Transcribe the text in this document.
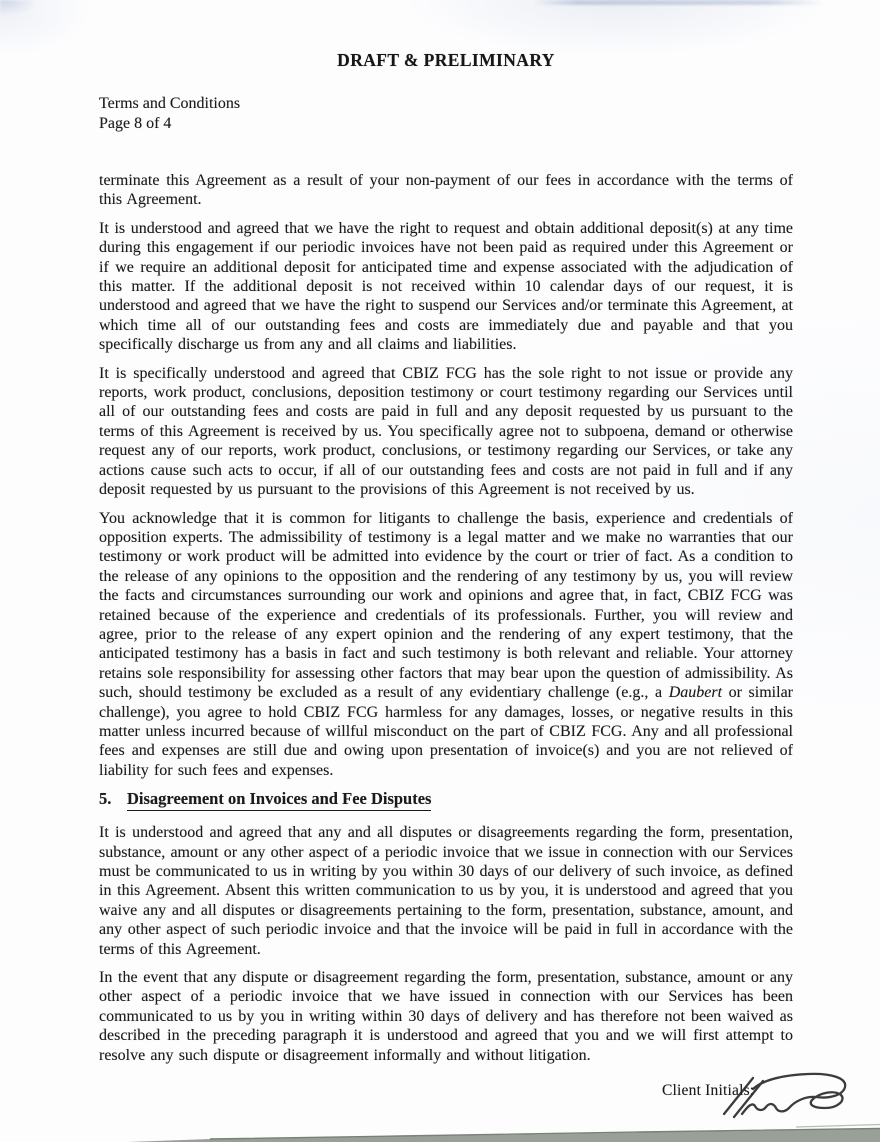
DRAFT & PRELIMINARY
Terms and Conditions
Page 8 of 4

terminate this Agreement as a result of your non-payment of our fees in accordance with the terms of this Agreement.

It is understood and agreed that we have the right to request and obtain additional deposit(s) at any time during this engagement if our periodic invoices have not been paid as required under this Agreement or if we require an additional deposit for anticipated time and expense associated with the adjudication of this matter. If the additional deposit is not received within 10 calendar days of our request, it is understood and agreed that we have the right to suspend our Services and/or terminate this Agreement, at which time all of our outstanding fees and costs are immediately due and payable and that you specifically discharge us from any and all claims and liabilities.

It is specifically understood and agreed that CBIZ FCG has the sole right to not issue or provide any reports, work product, conclusions, deposition testimony or court testimony regarding our Services until all of our outstanding fees and costs are paid in full and any deposit requested by us pursuant to the terms of this Agreement is received by us. You specifically agree not to subpoena, demand or otherwise request any of our reports, work product, conclusions, or testimony regarding our Services, or take any actions cause such acts to occur, if all of our outstanding fees and costs are not paid in full and if any deposit requested by us pursuant to the provisions of this Agreement is not received by us.

You acknowledge that it is common for litigants to challenge the basis, experience and credentials of opposition experts. The admissibility of testimony is a legal matter and we make no warranties that our testimony or work product will be admitted into evidence by the court or trier of fact. As a condition to the release of any opinions to the opposition and the rendering of any testimony by us, you will review the facts and circumstances surrounding our work and opinions and agree that, in fact, CBIZ FCG was retained because of the experience and credentials of its professionals. Further, you will review and agree, prior to the release of any expert opinion and the rendering of any expert testimony, that the anticipated testimony has a basis in fact and such testimony is both relevant and reliable. Your attorney retains sole responsibility for assessing other factors that may bear upon the question of admissibility. As such, should testimony be excluded as a result of any evidentiary challenge (e.g., a Daubert or similar challenge), you agree to hold CBIZ FCG harmless for any damages, losses, or negative results in this matter unless incurred because of willful misconduct on the part of CBIZ FCG. Any and all professional fees and expenses are still due and owing upon presentation of invoice(s) and you are not relieved of liability for such fees and expenses.

5. Disagreement on Invoices and Fee Disputes

It is understood and agreed that any and all disputes or disagreements regarding the form, presentation, substance, amount or any other aspect of a periodic invoice that we issue in connection with our Services must be communicated to us in writing by you within 30 days of our delivery of such invoice, as defined in this Agreement. Absent this written communication to us by you, it is understood and agreed that you waive any and all disputes or disagreements pertaining to the form, presentation, substance, amount, and any other aspect of such periodic invoice and that the invoice will be paid in full in accordance with the terms of this Agreement.

In the event that any dispute or disagreement regarding the form, presentation, substance, amount or any other aspect of a periodic invoice that we have issued in connection with our Services has been communicated to us by you in writing within 30 days of delivery and has therefore not been waived as described in the preceding paragraph it is understood and agreed that you and we will first attempt to resolve any such dispute or disagreement informally and without litigation.

Client Initials:
